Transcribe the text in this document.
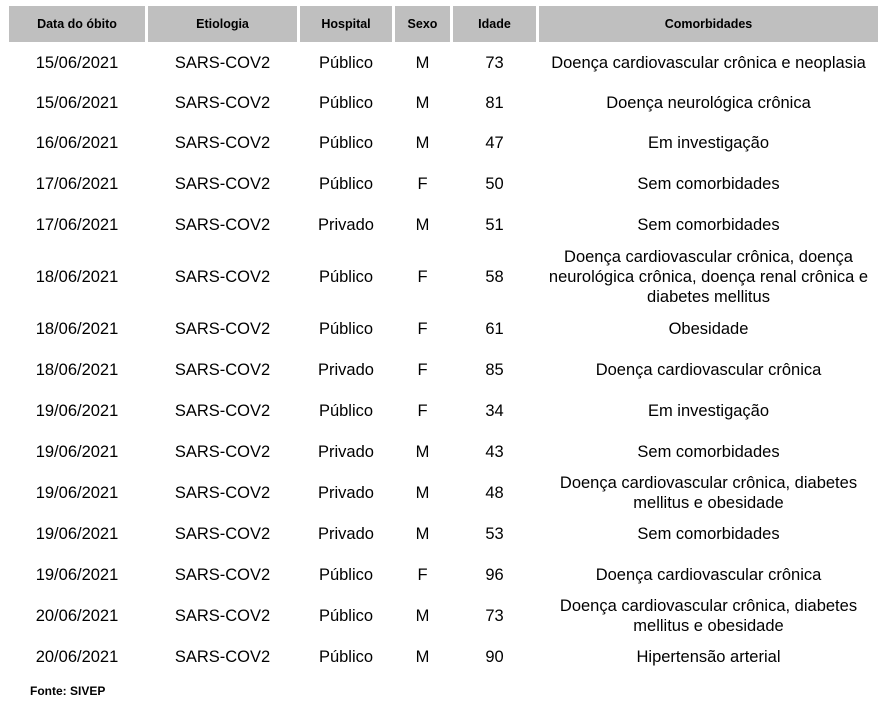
Data do óbito	Etiologia	Hospital	Sexo	Idade	Comorbidades
15/06/2021	SARS-COV2	Público	M	73	Doença cardiovascular crônica e neoplasia
15/06/2021	SARS-COV2	Público	M	81	Doença neurológica crônica
16/06/2021	SARS-COV2	Público	M	47	Em investigação
17/06/2021	SARS-COV2	Público	F	50	Sem comorbidades
17/06/2021	SARS-COV2	Privado	M	51	Sem comorbidades
18/06/2021	SARS-COV2	Público	F	58	Doença cardiovascular crônica, doença neurológica crônica, doença renal crônica e diabetes mellitus
18/06/2021	SARS-COV2	Público	F	61	Obesidade
18/06/2021	SARS-COV2	Privado	F	85	Doença cardiovascular crônica
19/06/2021	SARS-COV2	Público	F	34	Em investigação
19/06/2021	SARS-COV2	Privado	M	43	Sem comorbidades
19/06/2021	SARS-COV2	Privado	M	48	Doença cardiovascular crônica, diabetes mellitus e obesidade
19/06/2021	SARS-COV2	Privado	M	53	Sem comorbidades
19/06/2021	SARS-COV2	Público	F	96	Doença cardiovascular crônica
20/06/2021	SARS-COV2	Público	M	73	Doença cardiovascular crônica, diabetes mellitus e obesidade
20/06/2021	SARS-COV2	Público	M	90	Hipertensão arterial
Fonte: SIVEP
